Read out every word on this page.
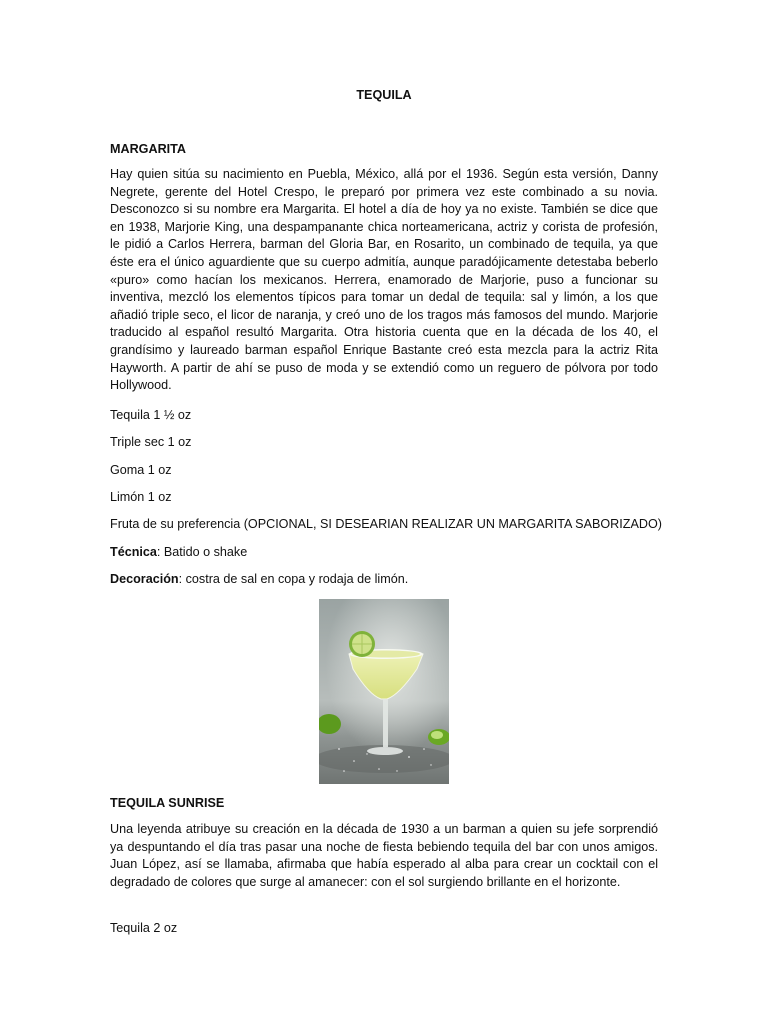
TEQUILA
MARGARITA

Hay quien sitúa su nacimiento en Puebla, México, allá por el 1936. Según esta versión, Danny Negrete, gerente del Hotel Crespo, le preparó por primera vez este combinado a su novia. Desconozco si su nombre era Margarita. El hotel a día de hoy ya no existe. También se dice que en 1938, Marjorie King, una despampanante chica norteamericana, actriz y corista de profesión, le pidió a Carlos Herrera, barman del Gloria Bar, en Rosarito, un combinado de tequila, ya que éste era el único aguardiente que su cuerpo admitía, aunque paradójicamente detestaba beberlo «puro» como hacían los mexicanos. Herrera, enamorado de Marjorie, puso a funcionar su inventiva, mezcló los elementos típicos para tomar un dedal de tequila: sal y limón, a los que añadió triple seco, el licor de naranja, y creó uno de los tragos más famosos del mundo. Marjorie traducido al español resultó Margarita. Otra historia cuenta que en la década de los 40, el grandísimo y laureado barman español Enrique Bastante creó esta mezcla para la actriz Rita Hayworth. A partir de ahí se puso de moda y se extendió como un reguero de pólvora por todo Hollywood.

Tequila 1 ½ oz
Triple sec 1 oz
Goma 1 oz
Limón 1 oz
Fruta de su preferencia (OPCIONAL, SI DESEARIAN REALIZAR UN MARGARITA SABORIZADO)
Técnica: Batido o shake
Decoración: costra de sal en copa y rodaja de limón.
TEQUILA SUNRISE

Una leyenda atribuye su creación en la década de 1930 a un barman a quien su jefe sorprendió ya despuntando el día tras pasar una noche de fiesta bebiendo tequila del bar con unos amigos. Juan López, así se llamaba, afirmaba que había esperado al alba para crear un cocktail con el degradado de colores que surge al amanecer: con el sol surgiendo brillante en el horizonte.

Tequila 2 oz
